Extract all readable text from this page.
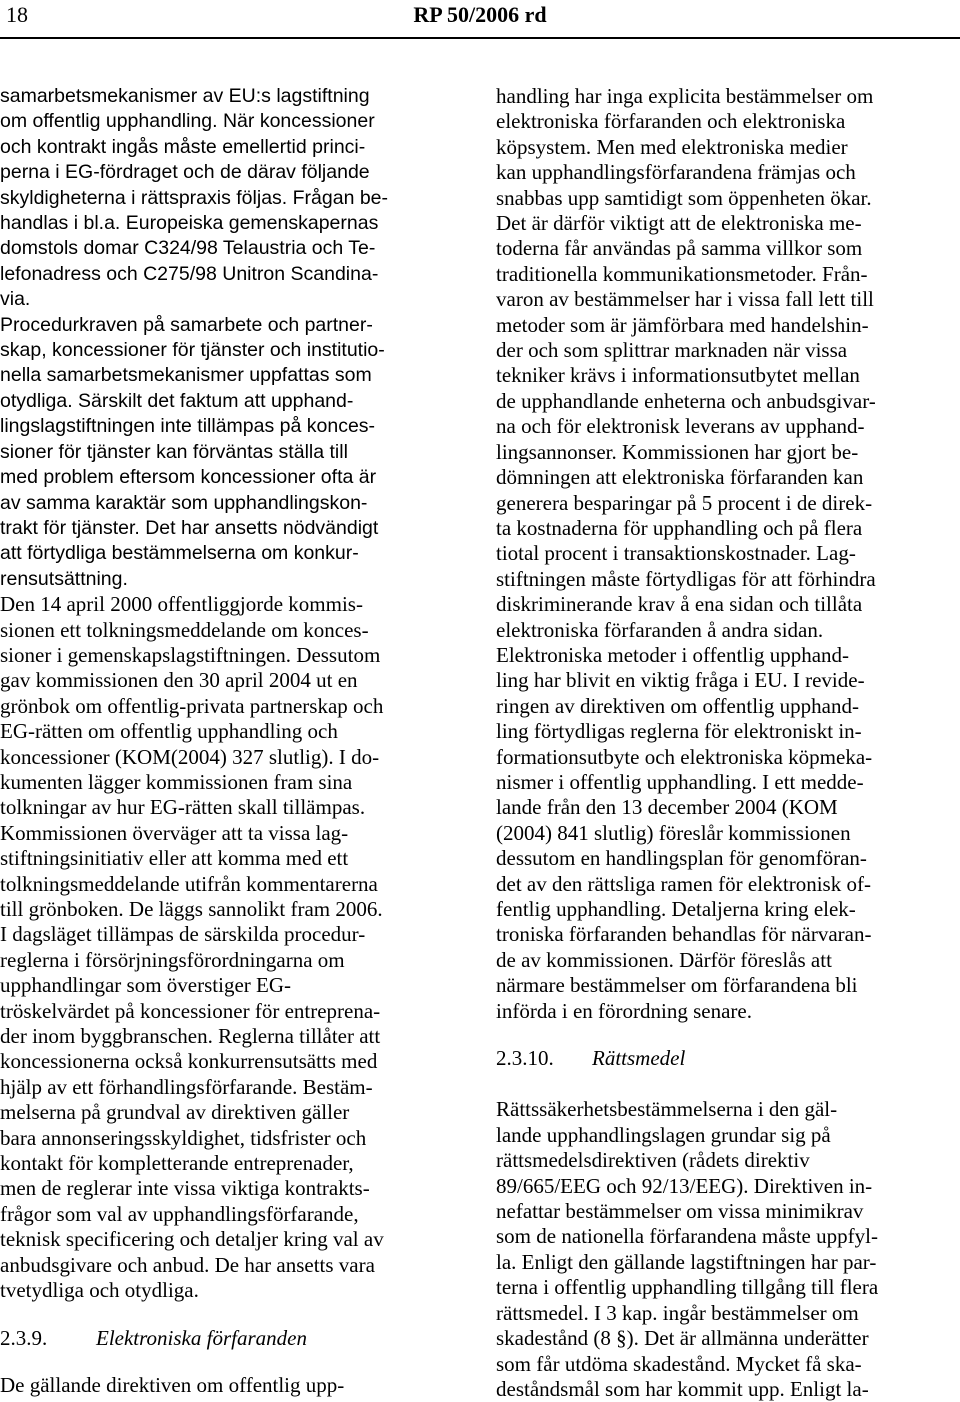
18	RP 50/2006 rd

samarbetsmekanismer av EU:s lagstiftning
om offentlig upphandling. När koncessioner
och kontrakt ingås måste emellertid princi-
perna i EG-fördraget och de därav följande
skyldigheterna i rättspraxis följas. Frågan be-
handlas i bl.a. Europeiska gemenskapernas
domstols domar C324/98 Telaustria och Te-
lefonadress och C275/98 Unitron Scandina-
via.

Procedurkraven på samarbete och partner-
skap, koncessioner för tjänster och institutio-
nella samarbetsmekanismer uppfattas som
otydliga. Särskilt det faktum att upphand-
lingslagstiftningen inte tillämpas på konces-
sioner för tjänster kan förväntas ställa till
med problem eftersom koncessioner ofta är
av samma karaktär som upphandlingskon-
trakt för tjänster. Det har ansetts nödvändigt
att förtydliga bestämmelserna om konkur-
rensutsättning.

Den 14 april 2000 offentliggjorde kommis-
sionen ett tolkningsmeddelande om konces-
sioner i gemenskapslagstiftningen. Dessutom
gav kommissionen den 30 april 2004 ut en
grönbok om offentlig-privata partnerskap och
EG-rätten om offentlig upphandling och
koncessioner (KOM(2004) 327 slutlig). I do-
kumenten lägger kommissionen fram sina
tolkningar av hur EG-rätten skall tillämpas.
Kommissionen överväger att ta vissa lag-
stiftningsinitiativ eller att komma med ett
tolkningsmeddelande utifrån kommentarerna
till grönboken. De läggs sannolikt fram 2006.

I dagsläget tillämpas de särskilda procedur-
reglerna i försörjningsförordningarna om
upphandlingar som överstiger EG-
tröskelvärdet på koncessioner för entreprena-
der inom byggbranschen. Reglerna tillåter att
koncessionerna också konkurrensutsätts med
hjälp av ett förhandlingsförfarande. Bestäm-
melserna på grundval av direktiven gäller
bara annonseringsskyldighet, tidsfrister och
kontakt för kompletterande entreprenader,
men de reglerar inte vissa viktiga kontrakts-
frågor som val av upphandlingsförfarande,
teknisk specificering och detaljer kring val av
anbudsgivare och anbud. De har ansetts vara
tvetydliga och otydliga.

2.3.9. Elektroniska förfaranden

De gällande direktiven om offentlig upp-

handling har inga explicita bestämmelser om
elektroniska förfaranden och elektroniska
köpsystem. Men med elektroniska medier
kan upphandlingsförfarandena främjas och
snabbas upp samtidigt som öppenheten ökar.
Det är därför viktigt att de elektroniska me-
toderna får användas på samma villkor som
traditionella kommunikationsmetoder. Från-
varon av bestämmelser har i vissa fall lett till
metoder som är jämförbara med handelshin-
der och som splittrar marknaden när vissa
tekniker krävs i informationsutbytet mellan
de upphandlande enheterna och anbudsgivar-
na och för elektronisk leverans av upphand-
lingsannonser. Kommissionen har gjort be-
dömningen att elektroniska förfaranden kan
generera besparingar på 5 procent i de direk-
ta kostnaderna för upphandling och på flera
tiotal procent i transaktionskostnader. Lag-
stiftningen måste förtydligas för att förhindra
diskriminerande krav å ena sidan och tillåta
elektroniska förfaranden å andra sidan.

Elektroniska metoder i offentlig upphand-
ling har blivit en viktig fråga i EU. I revide-
ringen av direktiven om offentlig upphand-
ling förtydligas reglerna för elektroniskt in-
formationsutbyte och elektroniska köpmeka-
nismer i offentlig upphandling. I ett medde-
lande från den 13 december 2004 (KOM
(2004) 841 slutlig) föreslår kommissionen
dessutom en handlingsplan för genomföran-
det av den rättsliga ramen för elektronisk of-
fentlig upphandling. Detaljerna kring elek-
troniska förfaranden behandlas för närvaran-
de av kommissionen. Därför föreslås att
närmare bestämmelser om förfarandena bli
införda i en förordning senare.

2.3.10. Rättsmedel

Rättssäkerhetsbestämmelserna i den gäl-
lande upphandlingslagen grundar sig på
rättsmedelsdirektiven (rådets direktiv
89/665/EEG och 92/13/EEG). Direktiven in-
nefattar bestämmelser om vissa minimikrav
som de nationella förfarandena måste uppfyl-
la. Enligt den gällande lagstiftningen har par-
terna i offentlig upphandling tillgång till flera
rättsmedel. I 3 kap. ingår bestämmelser om
skadestånd (8 §). Det är allmänna underätter
som får utdöma skadestånd. Mycket få ska-
deståndsmål som har kommit upp. Enligt la-
